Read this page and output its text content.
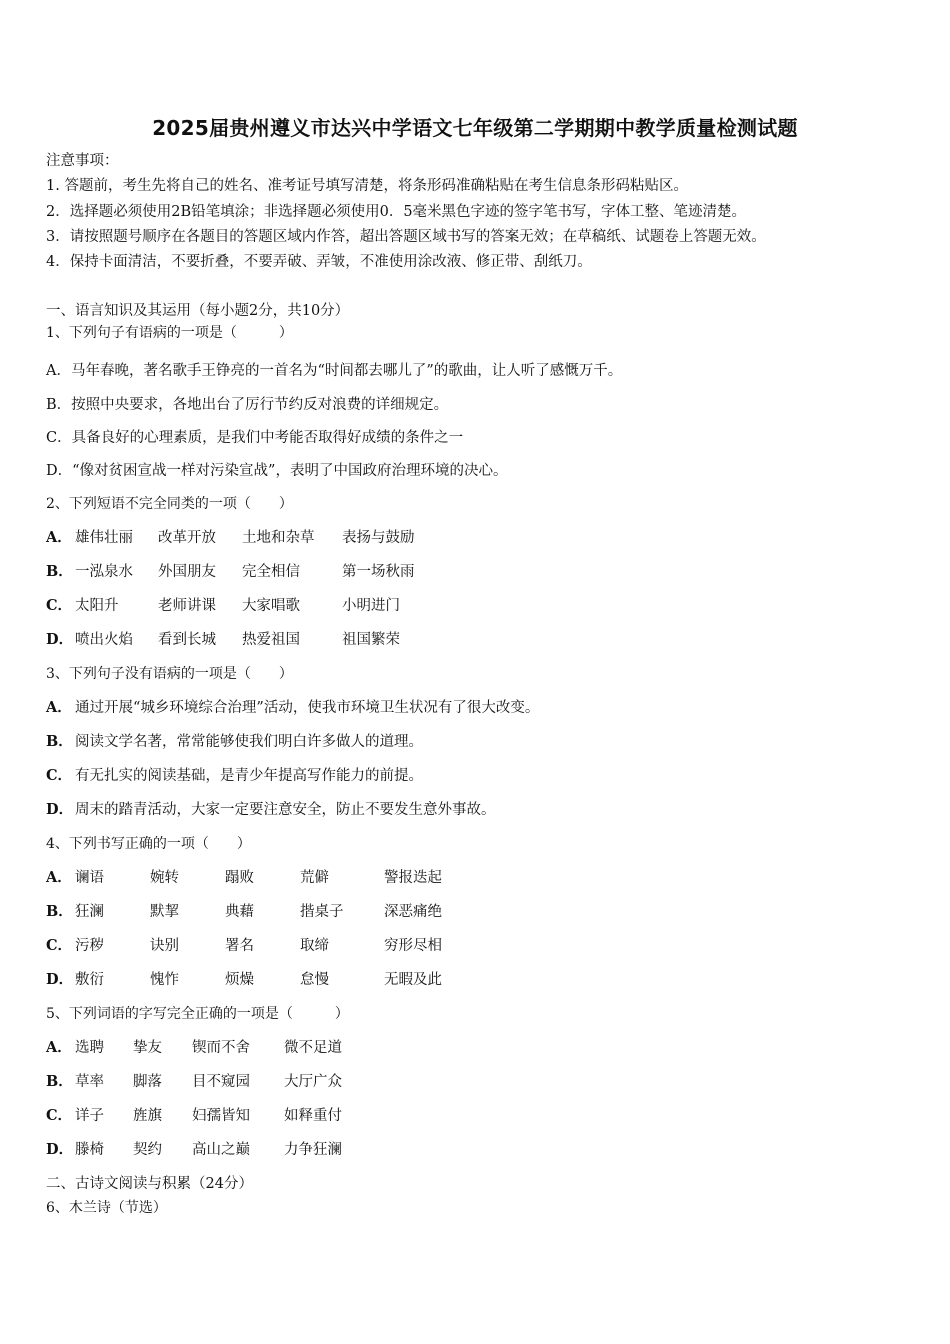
2025届贵州遵义市达兴中学语文七年级第二学期期中教学质量检测试题
注意事项：
1. 答题前，考生先将自己的姓名、准考证号填写清楚，将条形码准确粘贴在考生信息条形码粘贴区。
2．选择题必须使用2B铅笔填涂；非选择题必须使用0．5毫米黑色字迹的签字笔书写，字体工整、笔迹清楚。
3．请按照题号顺序在各题目的答题区域内作答，超出答题区域书写的答案无效；在草稿纸、试题卷上答题无效。
4．保持卡面清洁，不要折叠，不要弄破、弄皱，不准使用涂改液、修正带、刮纸刀。
一、语言知识及其运用（每小题2分，共10分）
1、下列句子有语病的一项是（　　　）
A．马年春晚，著名歌手王铮亮的一首名为“时间都去哪儿了”的歌曲，让人听了感慨万千。
B．按照中央要求，各地出台了厉行节约反对浪费的详细规定。
C．具备良好的心理素质，是我们中考能否取得好成绩的条件之一
D．“像对贫困宣战一样对污染宣战”，表明了中国政府治理环境的决心。
2、下列短语不完全同类的一项（　　）
A． 雄伟壮丽 改革开放 土地和杂草 表扬与鼓励
B． 一泓泉水 外国朋友 完全相信	第一场秋雨
C． 太阳升	老师讲课 大家唱歌	小明进门
D． 喷出火焰 看到长城 热爱祖国	祖国繁荣
3、下列句子没有语病的一项是（　　）
A． 通过开展“城乡环境综合治理”活动，使我市环境卫生状况有了很大改变。
B． 阅读文学名著，常常能够使我们明白许多做人的道理。
C． 有无扎实的阅读基础，是青少年提高写作能力的前提。
D． 周末的踏青活动，大家一定要注意安全，防止不要发生意外事故。
4、下列书写正确的一项（　　）
A． 谰语	婉转	蹋败	荒僻	警报迭起
B． 狂澜	默挈	典藉	揩桌子	深恶痛绝
C． 污秽	诀别	署名	取缔	穷形尽相
D． 敷衍	愧怍	烦燥	怠慢	无暇及此
5、下列词语的字写完全正确的一项是（　　　）
A． 选聘 挚友 锲而不舍 微不足道
B． 草率 脚落 目不窥园 大厅广众
C． 详子 旌旗 妇孺皆知 如释重付
D． 滕椅 契约 高山之巅 力争狂澜
二、古诗文阅读与积累（24分）
6、木兰诗（节选）
